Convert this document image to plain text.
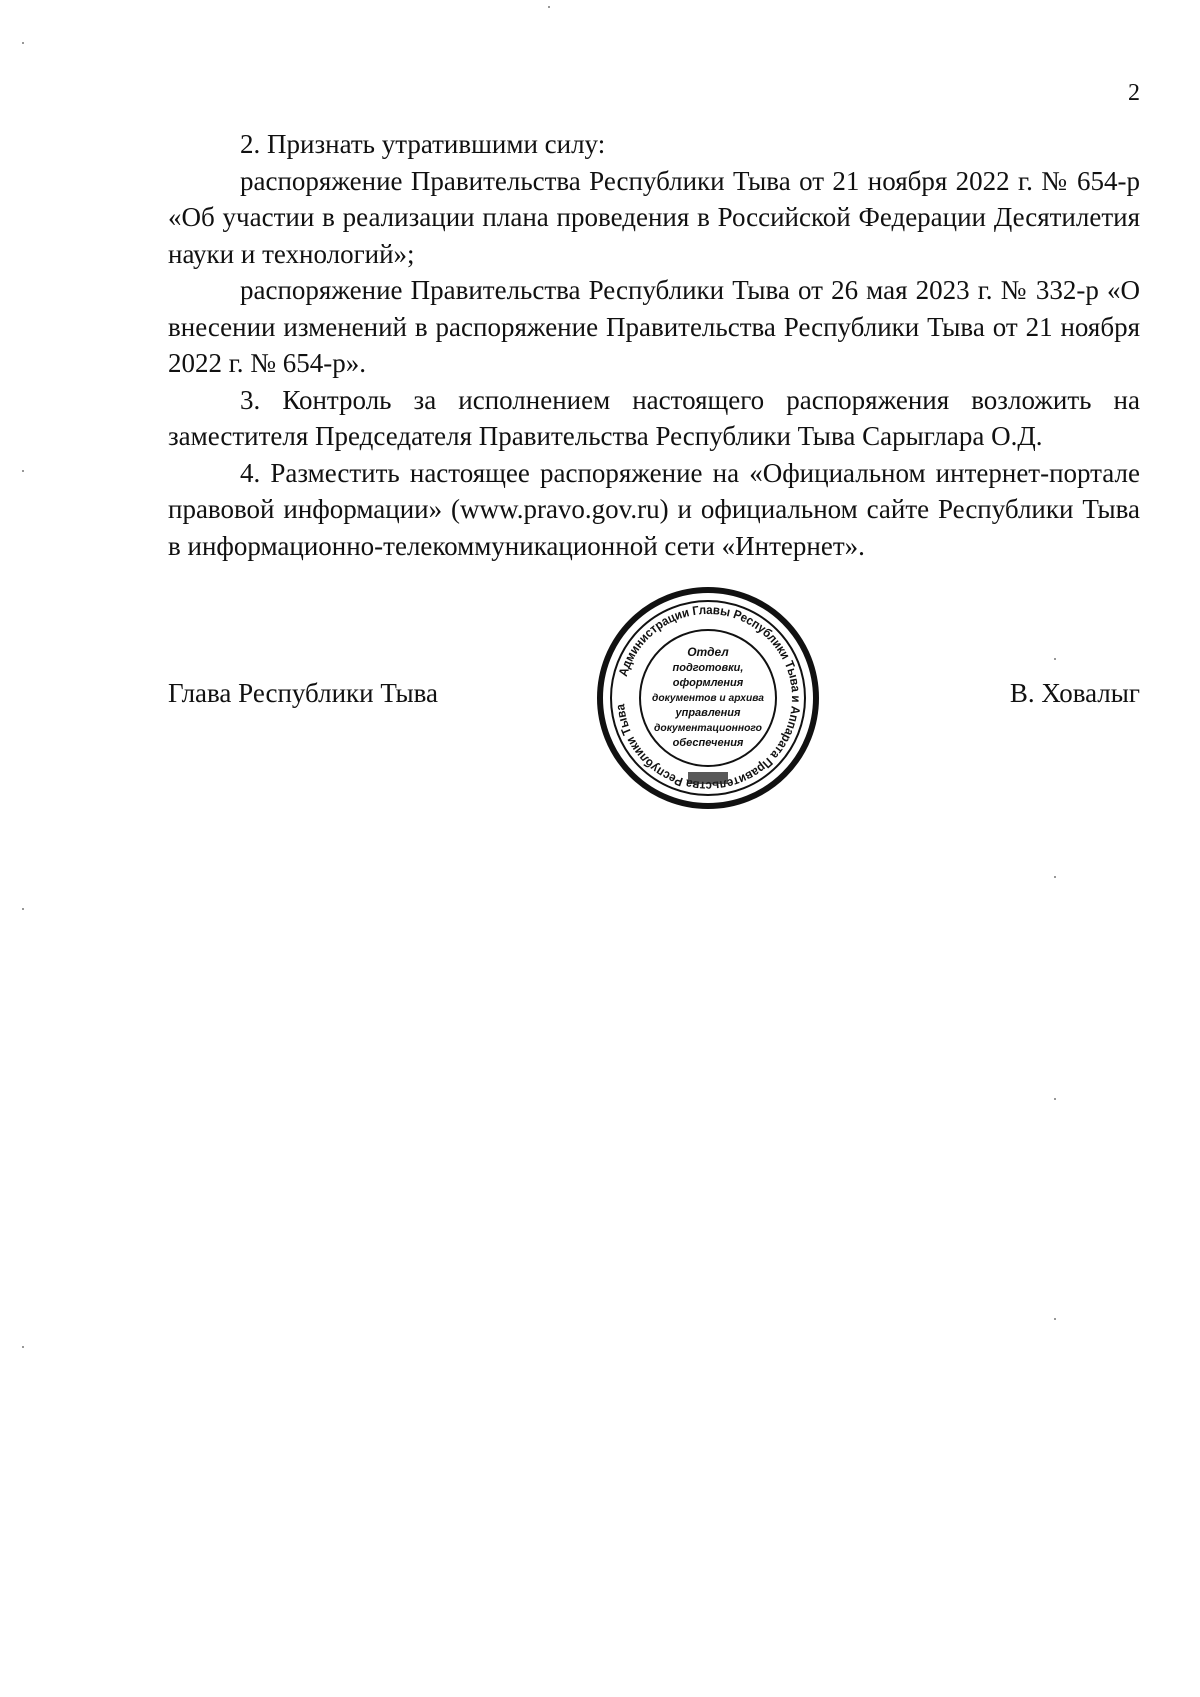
2

2. Признать утратившими силу:

распоряжение Правительства Республики Тыва от 21 ноября 2022 г. № 654-р «Об участии в реализации плана проведения в Российской Федерации Десятилетия науки и технологий»;

распоряжение Правительства Республики Тыва от 26 мая 2023 г. № 332-р «О внесении изменений в распоряжение Правительства Республики Тыва от 21 ноября 2022 г. № 654-р».

3. Контроль за исполнением настоящего распоряжения возложить на заместителя Председателя Правительства Республики Тыва Сарыглара О.Д.

4. Разместить настоящее распоряжение на «Официальном интернет-портале правовой информации» (www.pravo.gov.ru) и официальном сайте Республики Тыва в информационно-телекоммуникационной сети «Интернет».

Глава Республики Тыва	В. Ховалыг
Администрации Главы Республики Тыва и Аппарата Правительств Республики Тыва
Отдел
подготовки,
оформления
документов и архива
управления
документационного
обеспечения
